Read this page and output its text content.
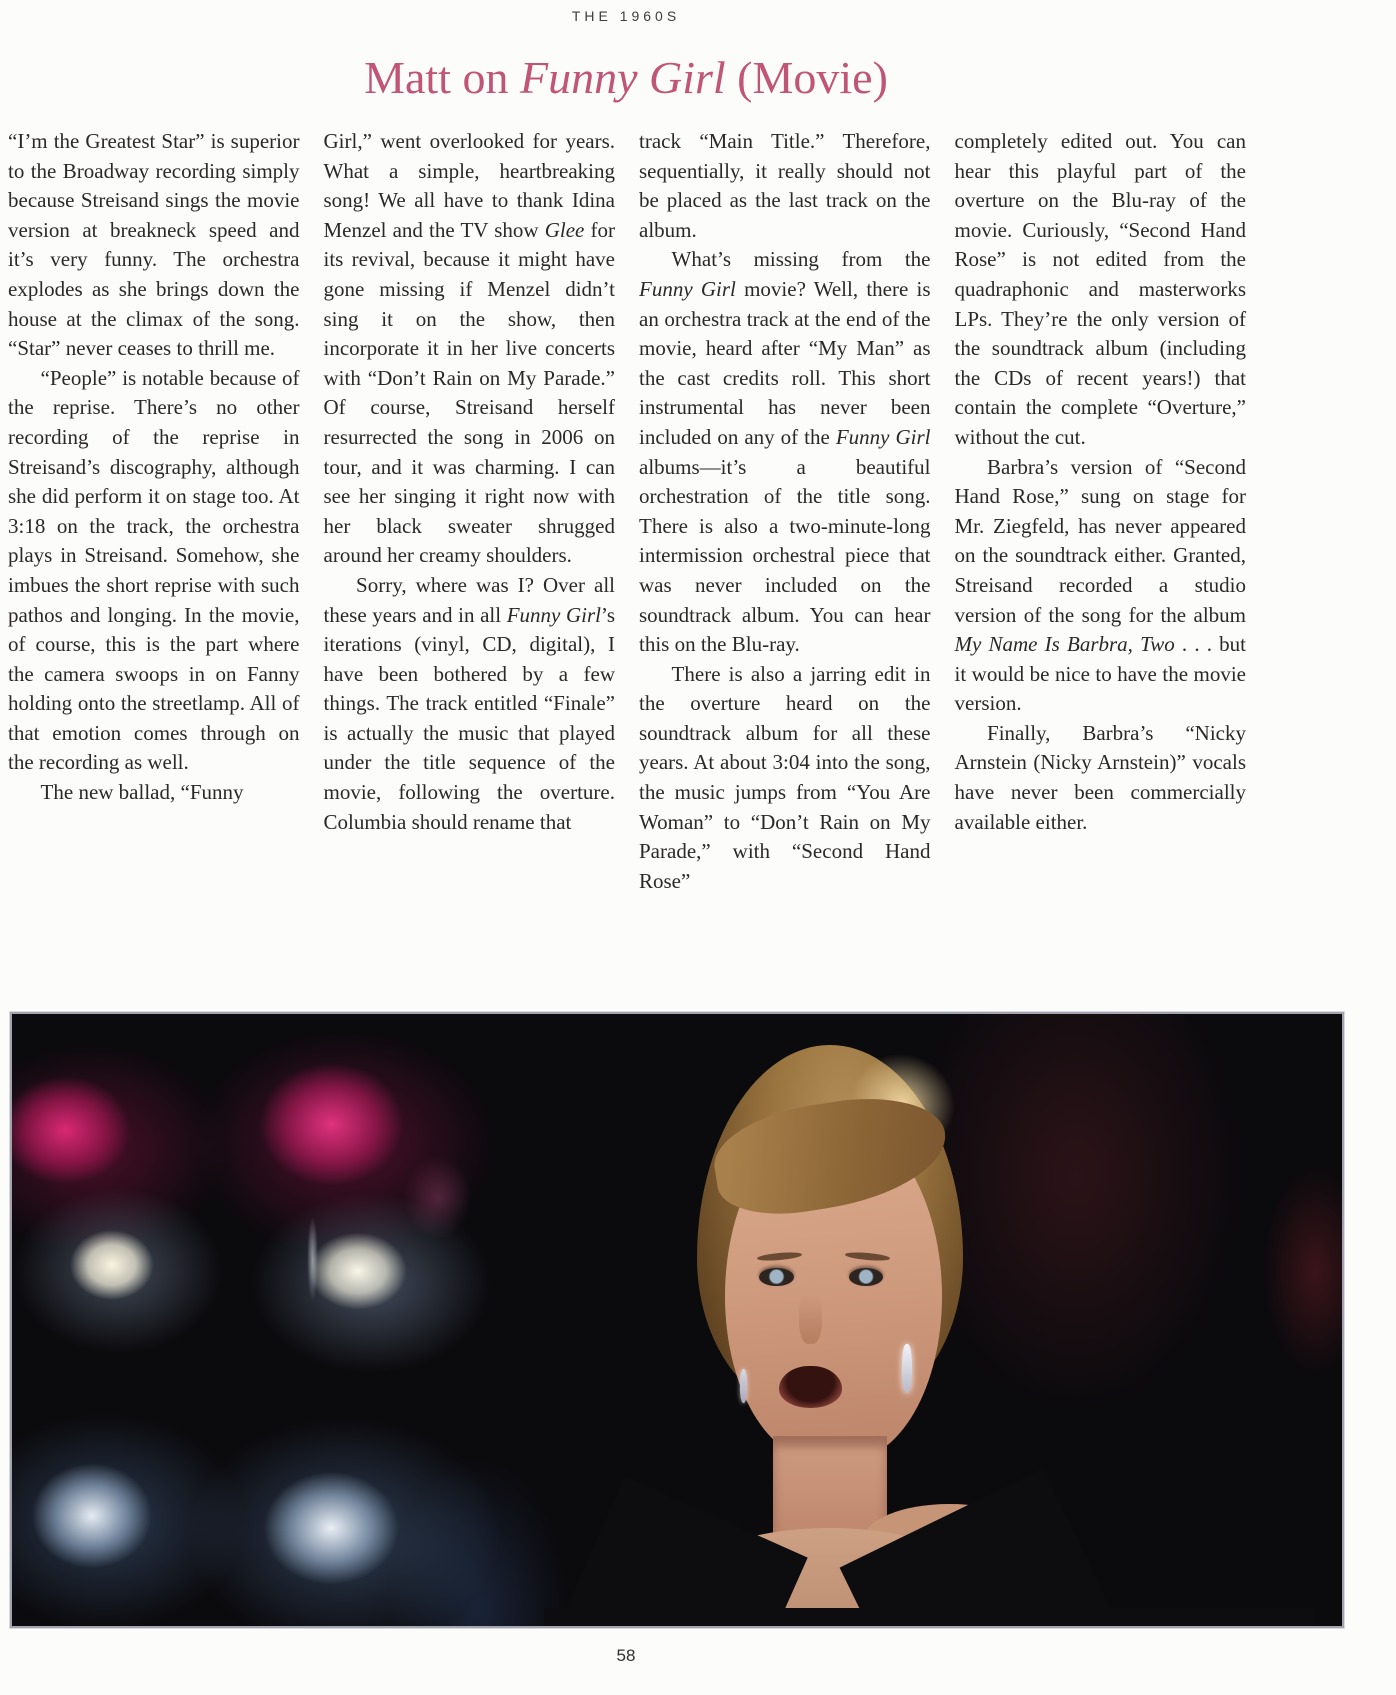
THE 1960S
Matt on Funny Girl (Movie)

“I’m the Greatest Star” is superior to the Broadway recording simply because Streisand sings the movie version at breakneck speed and it’s very funny. The orchestra explodes as she brings down the house at the climax of the song. “Star” never ceases to thrill me.

“People” is notable because of the reprise. There’s no other recording of the reprise in Streisand’s discography, although she did perform it on stage too. At 3:18 on the track, the orchestra plays in Streisand. Somehow, she imbues the short reprise with such pathos and longing. In the movie, of course, this is the part where the camera swoops in on Fanny holding onto the streetlamp. All of that emotion comes through on the recording as well.

The new ballad, “Funny

Girl,” went overlooked for years. What a simple, heartbreaking song! We all have to thank Idina Menzel and the TV show Glee for its revival, because it might have gone missing if Menzel didn’t sing it on the show, then incorporate it in her live concerts with “Don’t Rain on My Parade.” Of course, Streisand herself resurrected the song in 2006 on tour, and it was charming. I can see her singing it right now with her black sweater shrugged around her creamy shoulders.

Sorry, where was I? Over all these years and in all Funny Girl’s iterations (vinyl, CD, digital), I have been bothered by a few things. The track entitled “Finale” is actually the music that played under the title sequence of the movie, following the overture. Columbia should rename that

track “Main Title.” Therefore, sequentially, it really should not be placed as the last track on the album.

What’s missing from the Funny Girl movie? Well, there is an orchestra track at the end of the movie, heard after “My Man” as the cast credits roll. This short instrumental has never been included on any of the Funny Girl albums—it’s a beautiful orchestration of the title song. There is also a two-minute-long intermission orchestral piece that was never included on the soundtrack album. You can hear this on the Blu-ray.

There is also a jarring edit in the overture heard on the soundtrack album for all these years. At about 3:04 into the song, the music jumps from “You Are Woman” to “Don’t Rain on My Parade,” with “Second Hand Rose”

completely edited out. You can hear this playful part of the overture on the Blu-ray of the movie. Curiously, “Second Hand Rose” is not edited from the quadraphonic and masterworks LPs. They’re the only version of the soundtrack album (including the CDs of recent years!) that contain the complete “Overture,” without the cut.

Barbra’s version of “Second Hand Rose,” sung on stage for Mr. Ziegfeld, has never appeared on the soundtrack either. Granted, Streisand recorded a studio version of the song for the album My Name Is Barbra, Two . . . but it would be nice to have the movie version.

Finally, Barbra’s “Nicky Arnstein (Nicky Arnstein)” vocals have never been commercially available either.

58
